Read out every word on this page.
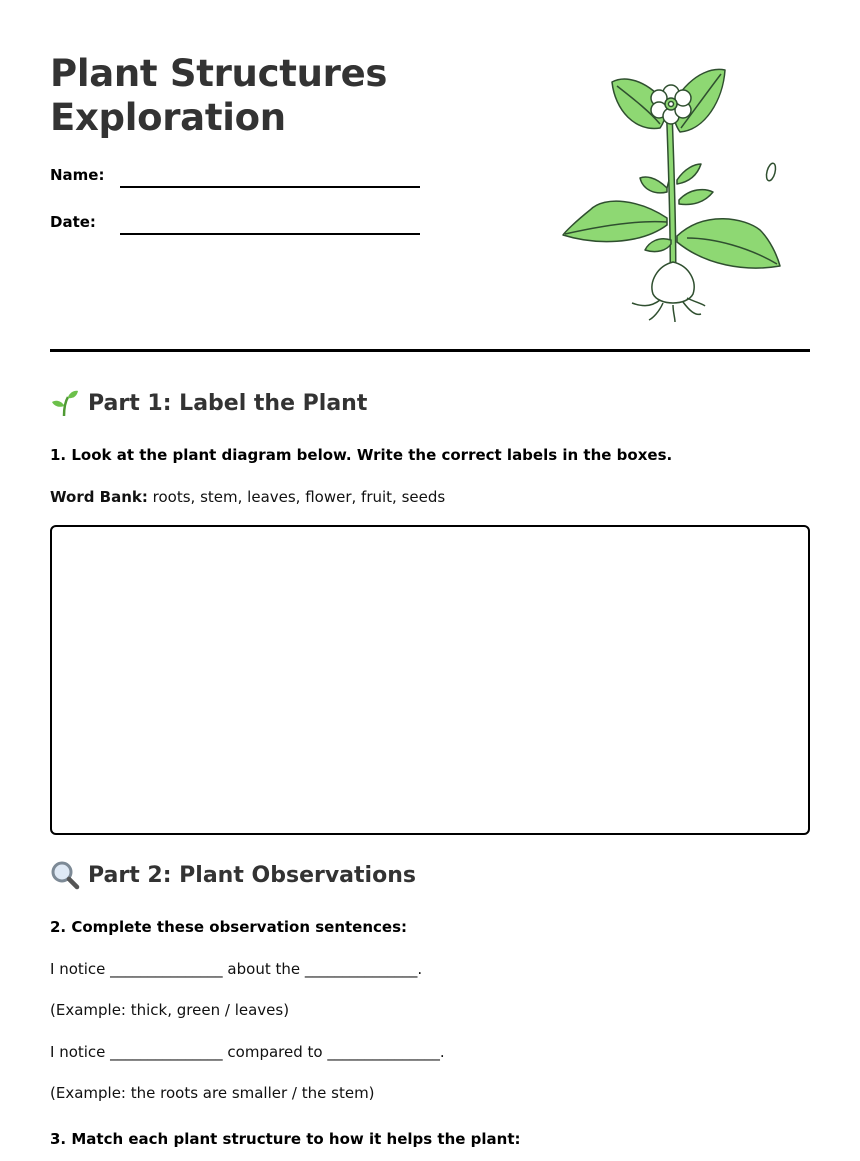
Plant Structures
Exploration
Name:
Date:
Part 1: Label the Plant
1. Look at the plant diagram below. Write the correct labels in the boxes.
Word Bank: roots, stem, leaves, flower, fruit, seeds
Part 2: Plant Observations
2. Complete these observation sentences:
I notice _______________ about the _______________.
(Example: thick, green / leaves)
I notice _______________ compared to _______________.
(Example: the roots are smaller / the stem)
3. Match each plant structure to how it helps the plant:
